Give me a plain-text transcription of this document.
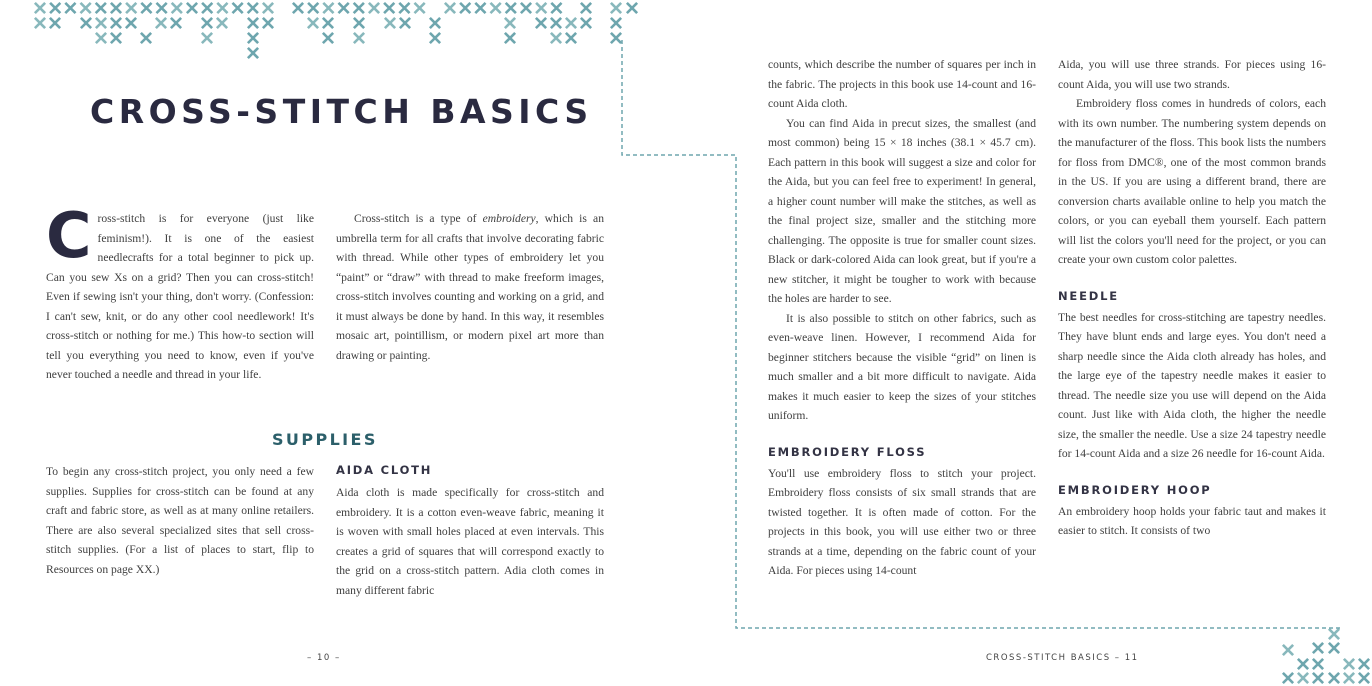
CROSS-STITCH BASICS
C ross-stitch is for everyone (just like feminism!). It is one of the easiest needlecrafts for a total beginner to pick up. Can you sew Xs on a grid? Then you can cross-stitch! Even if sewing isn't your thing, don't worry. (Confession: I can't sew, knit, or do any other cool needlework! It's cross-stitch or nothing for me.) This how-to section will tell you everything you need to know, even if you've never touched a needle and thread in your life.
Cross-stitch is a type of embroidery, which is an umbrella term for all crafts that involve decorating fabric with thread. While other types of embroidery let you “paint” or “draw” with thread to make freeform images, cross-stitch involves counting and working on a grid, and it must always be done by hand. In this way, it resembles mosaic art, pointillism, or modern pixel art more than drawing or painting.
SUPPLIES
To begin any cross-stitch project, you only need a few supplies. Supplies for cross-stitch can be found at any craft and fabric store, as well as at many online retailers. There are also several specialized sites that sell cross-stitch supplies. (For a list of places to start, flip to Resources on page XX.)

AIDA CLOTH

Aida cloth is made specifically for cross-stitch and embroidery. It is a cotton even-weave fabric, meaning it is woven with small holes placed at even intervals. This creates a grid of squares that will correspond exactly to the grid on a cross-stitch pattern. Adia cloth comes in many different fabric

– 10 –

counts, which describe the number of squares per inch in the fabric. The projects in this book use 14-count and 16-count Aida cloth.

You can find Aida in precut sizes, the smallest (and most common) being 15 × 18 inches (38.1 × 45.7 cm). Each pattern in this book will suggest a size and color for the Aida, but you can feel free to experiment! In general, a higher count number will make the stitches, as well as the final project size, smaller and the stitching more challenging. The opposite is true for smaller count sizes. Black or dark-colored Aida can look great, but if you're a new stitcher, it might be tougher to work with because the holes are harder to see.

It is also possible to stitch on other fabrics, such as even-weave linen. However, I recommend Aida for beginner stitchers because the visible “grid” on linen is much smaller and a bit more difficult to navigate. Aida makes it much easier to keep the sizes of your stitches uniform.

EMBROIDERY FLOSS

You'll use embroidery floss to stitch your project. Embroidery floss consists of six small strands that are twisted together. It is often made of cotton. For the projects in this book, you will use either two or three strands at a time, depending on the fabric count of your Aida. For pieces using 14-count

Aida, you will use three strands. For pieces using 16-count Aida, you will use two strands.

Embroidery floss comes in hundreds of colors, each with its own number. The numbering system depends on the manufacturer of the floss. This book lists the numbers for floss from DMC®, one of the most common brands in the US. If you are using a different brand, there are conversion charts available online to help you match the colors, or you can eyeball them yourself. Each pattern will list the colors you'll need for the project, or you can create your own custom color palettes.

NEEDLE

The best needles for cross-stitching are tapestry needles. They have blunt ends and large eyes. You don't need a sharp needle since the Aida cloth already has holes, and the large eye of the tapestry needle makes it easier to thread. The needle size you use will depend on the Aida count. Just like with Aida cloth, the higher the needle size, the smaller the needle. Use a size 24 tapestry needle for 14-count Aida and a size 26 needle for 16-count Aida.

EMBROIDERY HOOP

An embroidery hoop holds your fabric taut and makes it easier to stitch. It consists of two

CROSS-STITCH BASICS – 11
